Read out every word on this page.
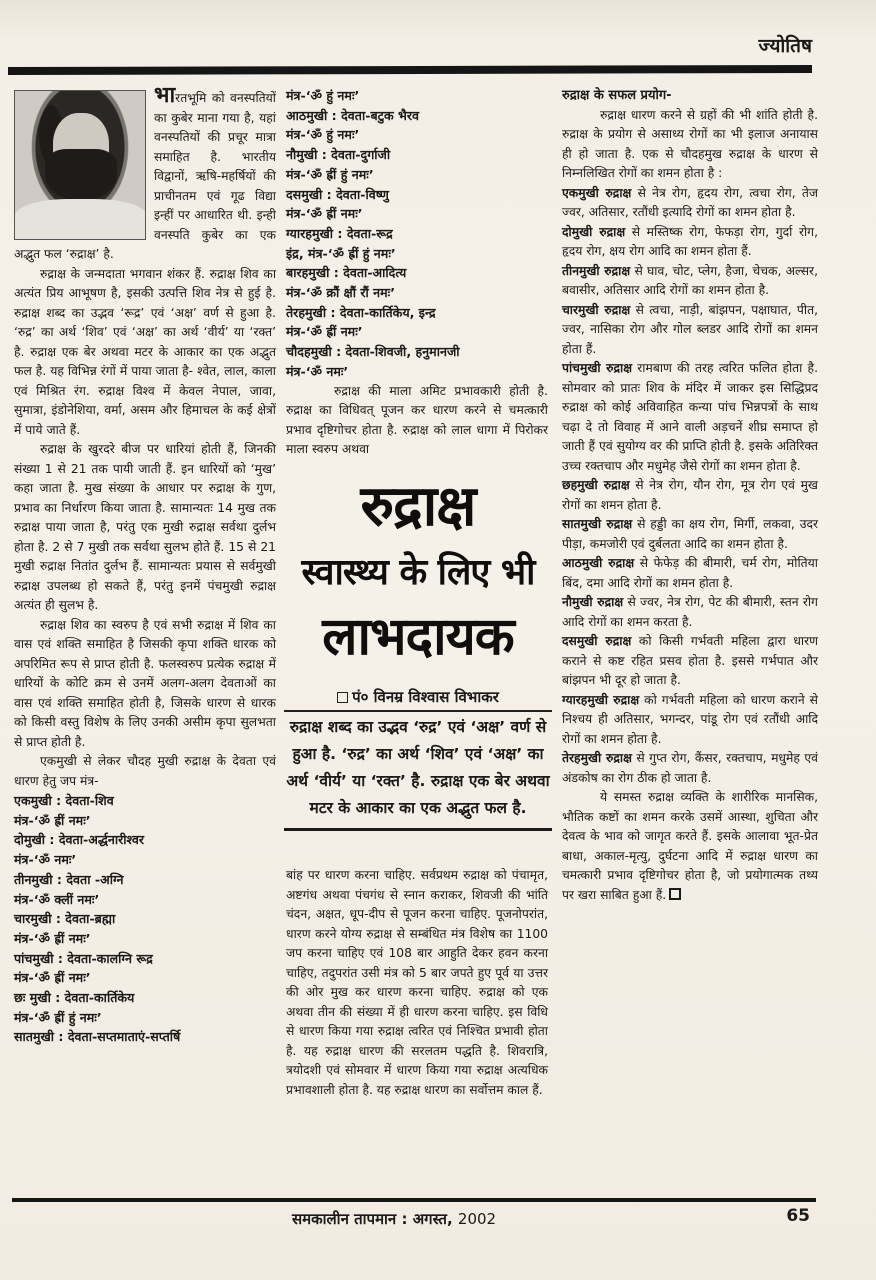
ज्योतिष

भारतभूमि को वनस्पतियों का कुबेर माना गया है, यहां वनस्पतियों की प्रचूर मात्रा समाहित है. भारतीय विद्वानों, ऋषि-महर्षियों की प्राचीनतम एवं गूढ विद्या इन्हीं पर आधारित थी. इन्ही वनस्पति कुबेर का एक अद्भुत फल ‘रुद्राक्ष’ है.

रुद्राक्ष के जन्मदाता भगवान शंकर हैं. रुद्राक्ष शिव का अत्यंत प्रिय आभूषण है, इसकी उत्पत्ति शिव नेत्र से हुई है. रुद्राक्ष शब्द का उद्भव ‘रूद्र’ एवं ‘अक्ष’ वर्ण से हुआ है. ‘रुद्र’ का अर्थ ‘शिव’ एवं ‘अक्ष’ का अर्थ ‘वीर्य’ या ‘रक्त’ है. रुद्राक्ष एक बेर अथवा मटर के आकार का एक अद्भुत फल है. यह विभिन्न रंगों में पाया जाता है- श्वेत, लाल, काला एवं मिश्रित रंग. रुद्राक्ष विश्व में केवल नेपाल, जावा, सुमात्रा, इंडोनेशिया, वर्मा, असम और हिमाचल के कई क्षेत्रों में पाये जाते हैं.

रुद्राक्ष के खुरदरे बीज पर धारियां होती हैं, जिनकी संख्या 1 से 21 तक पायी जाती हैं. इन धारियों को ‘मुख’ कहा जाता है. मुख संख्या के आधार पर रुद्राक्ष के गुण, प्रभाव का निर्धारण किया जाता है. सामान्यतः 14 मुख तक रुद्राक्ष पाया जाता है, परंतु एक मुखी रुद्राक्ष सर्वथा दुर्लभ होता है. 2 से 7 मुखी तक सर्वथा सुलभ होते हैं. 15 से 21 मुखी रुद्राक्ष नितांत दुर्लभ हैं. सामान्यतः प्रयास से सर्वमुखी रुद्राक्ष उपलब्ध हो सकते हैं, परंतु इनमें पंचमुखी रुद्राक्ष अत्यंत ही सुलभ है.

रुद्राक्ष शिव का स्वरुप है एवं सभी रुद्राक्ष में शिव का वास एवं शक्ति समाहित है जिसकी कृपा शक्ति धारक को अपरिमित रूप से प्राप्त होती है. फलस्वरुप प्रत्येक रुद्राक्ष में धारियों के कोटि क्रम से उनमें अलग-अलग देवताओं का वास एवं शक्ति समाहित होती है, जिसके धारण से धारक को किसी वस्तु विशेष के लिए उनकी असीम कृपा सुलभता से प्राप्त होती है.

एकमुखी से लेकर चौदह मुखी रुद्राक्ष के देवता एवं धारण हेतु जप मंत्र-

एकमुखी : देवता-शिव
मंत्र-‘ॐ ह्रीं नमः’
दोमुखी : देवता-अर्द्धनारीश्वर
मंत्र-‘ॐ नमः’
तीनमुखी : देवता -अग्नि
मंत्र-‘ॐ क्लीं नमः’
चारमुखी : देवता-ब्रह्मा
मंत्र-‘ॐ ह्रीं नमः’
पांचमुखी : देवता-कालग्नि रूद्र
मंत्र-‘ॐ ह्रीं नमः’
छः मुखी : देवता-कार्तिकेय
मंत्र-‘ॐ ह्रीं हुं नमः’
सातमुखी : देवता-सप्तमाताएं-सप्तर्षि
मंत्र-‘ॐ हुं नमः’
आठमुखी : देवता-बटुक भैरव
मंत्र-‘ॐ हुं नमः’
नौमुखी : देवता-दुर्गाजी
मंत्र-‘ॐ ह्रीं हुं नमः’
दसमुखी : देवता-विष्णु
मंत्र-‘ॐ ह्रीं नमः’
ग्यारहमुखी : देवता-रूद्र
इंद्र, मंत्र-‘ॐ ह्रीं हुं नमः’
बारहमुखी : देवता-आदित्य
मंत्र-‘ॐ क्रौं क्षौं रौं नमः’
तेरहमुखी : देवता-कार्तिकेय, इन्द्र
मंत्र-‘ॐ ह्रीं नमः’
चौदहमुखी : देवता-शिवजी, हनुमानजी
मंत्र-‘ॐ नमः’

रुद्राक्ष की माला अमिट प्रभावकारी होती है. रुद्राक्ष का विधिवत् पूजन कर धारण करने से चमत्कारी प्रभाव दृष्टिगोचर होता है. रुद्राक्ष को लाल धागा में पिरोकर माला स्वरुप अथवा

रुद्राक्ष
स्वास्थ्य के लिए भी
लाभदायक
पं० विनम्र विश्वास विभाकर
रुद्राक्ष शब्द का उद्भव ‘रुद्र’ एवं ‘अक्ष’ वर्ण से हुआ है. ‘रुद्र’ का अर्थ ‘शिव’ एवं ‘अक्ष’ का अर्थ ‘वीर्य’ या ‘रक्त’ है. रुद्राक्ष एक बेर अथवा मटर के आकार का एक अद्भुत फल है.

बांह पर धारण करना चाहिए. सर्वप्रथम रुद्राक्ष को पंचामृत, अष्टगंध अथवा पंचगंध से स्नान कराकर, शिवजी की भांति चंदन, अक्षत, धूप-दीप से पूजन करना चाहिए. पूजनोपरांत, धारण करने योग्य रुद्राक्ष से सम्बंधित मंत्र विशेष का 1100 जप करना चाहिए एवं 108 बार आहुति देकर हवन करना चाहिए, तदुपरांत उसी मंत्र को 5 बार जपते हुए पूर्व या उत्तर की ओर मुख कर धारण करना चाहिए. रुद्राक्ष को एक अथवा तीन की संख्या में ही धारण करना चाहिए. इस विधि से धारण किया गया रुद्राक्ष त्वरित एवं निश्चित प्रभावी होता है. यह रुद्राक्ष धारण की सरलतम पद्धति है. शिवरात्रि, त्रयोदशी एवं सोमवार में धारण किया गया रुद्राक्ष अत्यधिक प्रभावशाली होता है. यह रुद्राक्ष धारण का सर्वोत्तम काल हैं.

रुद्राक्ष के सफल प्रयोग-

रुद्राक्ष धारण करने से ग्रहों की भी शांति होती है. रुद्राक्ष के प्रयोग से असाध्य रोगों का भी इलाज अनायास ही हो जाता है. एक से चौदहमुख रुद्राक्ष के धारण से निम्नलिखित रोगों का शमन होता है :

एकमुखी रुद्राक्ष से नेत्र रोग, हृदय रोग, त्वचा रोग, तेज ज्वर, अतिसार, रतौंधी इत्यादि रोगों का शमन होता है.

दोमुखी रुद्राक्ष से मस्तिष्क रोग, फेफड़ा रोग, गुर्दा रोग, हृदय रोग, क्षय रोग आदि का शमन होता हैं.

तीनमुखी रुद्राक्ष से घाव, चोट, प्लेग, हैजा, चेचक, अल्सर, बवासीर, अतिसार आदि रोगों का शमन होता है.

चारमुखी रुद्राक्ष से त्वचा, नाड़ी, बांझपन, पक्षाघात, पीत, ज्वर, नासिका रोग और गोल ब्लडर आदि रोगों का शमन होता हैं.

पांचमुखी रुद्राक्ष रामबाण की तरह त्वरित फलित होता है. सोमवार को प्रातः शिव के मंदिर में जाकर इस सिद्धिप्रद रुद्राक्ष को कोई अविवाहित कन्या पांच भिन्नपत्रों के साथ चढ़ा दे तो विवाह में आने वाली अड़चनें शीघ्र समाप्त हो जाती हैं एवं सुयोग्य वर की प्राप्ति होती है. इसके अतिरिक्त उच्च रक्तचाप और मधुमेह जैसे रोगों का शमन होता है.

छहमुखी रुद्राक्ष से नेत्र रोग, यौन रोग, मूत्र रोग एवं मुख रोगों का शमन होता है.

सातमुखी रुद्राक्ष से हड्डी का क्षय रोग, मिर्गी, लकवा, उदर पीड़ा, कमजोरी एवं दुर्बलता आदि का शमन होता है.

आठमुखी रुद्राक्ष से फेफेड़ की बीमारी, चर्म रोग, मोतिया बिंद, दमा आदि रोगों का शमन होता है.

नौमुखी रुद्राक्ष से ज्वर, नेत्र रोग, पेट की बीमारी, स्तन रोग आदि रोगों का शमन करता है.

दसमुखी रुद्राक्ष को किसी गर्भवती महिला द्वारा धारण कराने से कष्ट रहित प्रसव होता है. इससे गर्भपात और बांझपन भी दूर हो जाता है.

ग्यारहमुखी रुद्राक्ष को गर्भवती महिला को धारण कराने से निश्चय ही अतिसार, भगन्दर, पांडू रोग एवं रतौंधी आदि रोगों का शमन होता है.

तेरहमुखी रुद्राक्ष से गुप्त रोग, कैंसर, रक्तचाप, मधुमेह एवं अंडकोष का रोग ठीक हो जाता है.

ये समस्त रुद्राक्ष व्यक्ति के शारीरिक मानसिक, भौतिक कष्टों का शमन करके उसमें आस्था, शुचिता और देवत्व के भाव को जागृत करते हैं. इसके आलावा भूत-प्रेत बाधा, अकाल-मृत्यु, दुर्घटना आदि में रुद्राक्ष धारण का चमत्कारी प्रभाव दृष्टिगोचर होता है, जो प्रयोगात्मक तथ्य पर खरा साबित हुआ हैं.

समकालीन तापमान : अगस्त, 2002	65
